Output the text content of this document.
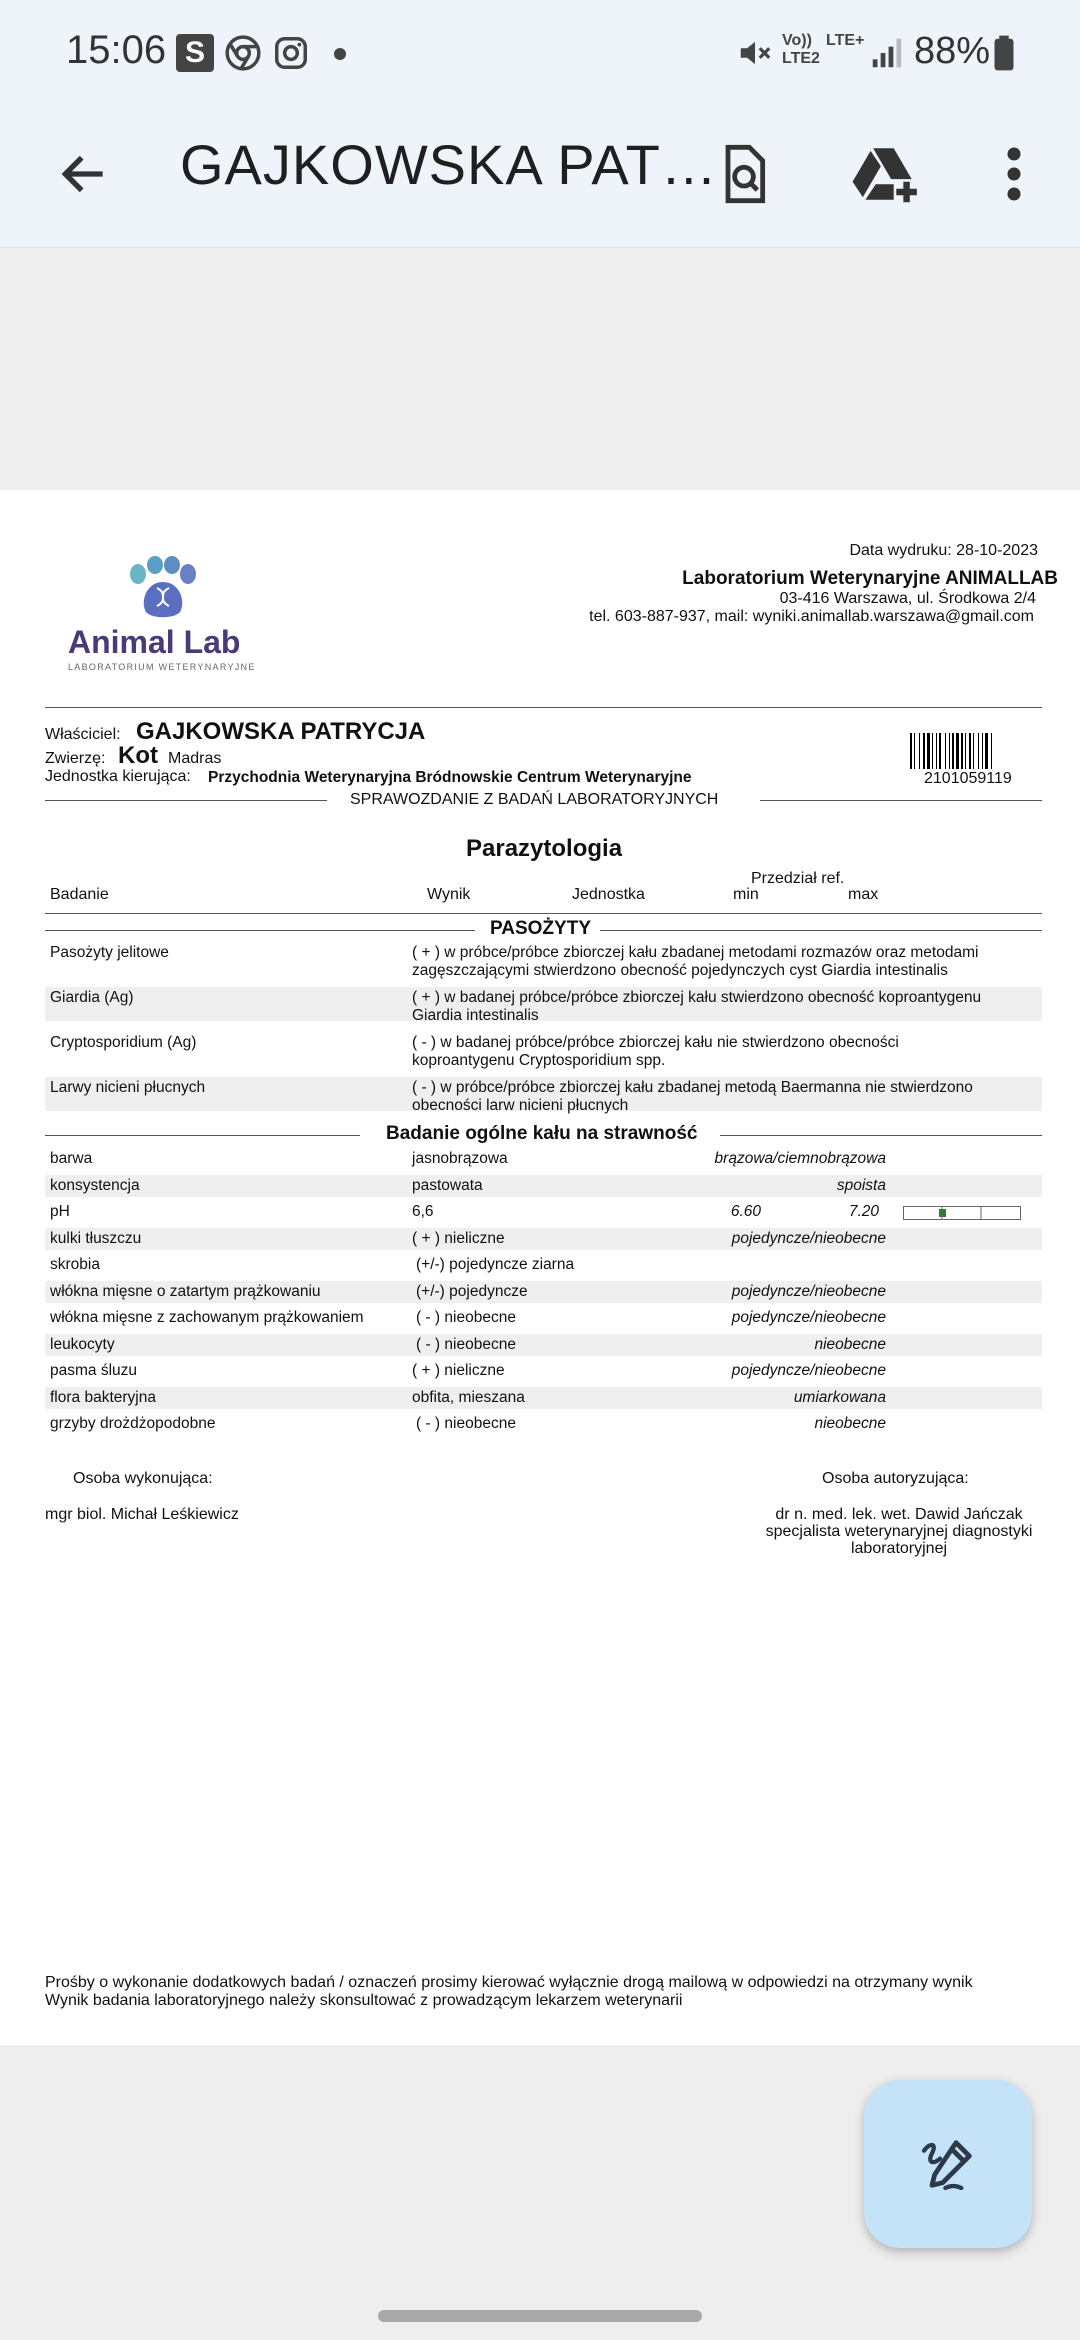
15:06 S	Vo))
LTE2
LTE+ 88%
GAJKOWSKA PAT…
Animal Lab
LABORATORIUM WETERYNARYJNE
Data wydruku: 28-10-2023
Laboratorium Weterynaryjne ANIMALLAB
03-416 Warszawa, ul. Środkowa 2/4
tel. 603-887-937, mail: wyniki.animallab.warszawa@gmail.com
Właściciel: GAJKOWSKA PATRYCJA
Zwierzę: Kot Madras
Jednostka kierująca: Przychodnia Weterynaryjna Bródnowskie Centrum Weterynaryjne	2101059119
SPRAWOZDANIE Z BADAŃ LABORATORYJNYCH
Parazytologia
Przedział ref.
Badanie	Wynik	Jednostka	min	max
PASOŻYTY
Pasożyty jelitowe	( + ) w próbce/próbce zbiorczej kału zbadanej metodami rozmazów oraz metodami
zagęszczającymi stwierdzono obecność pojedynczych cyst Giardia intestinalis
Giardia (Ag)	( + ) w badanej próbce/próbce zbiorczej kału stwierdzono obecność koproantygenu
Giardia intestinalis
Cryptosporidium (Ag)	( - ) w badanej próbce/próbce zbiorczej kału nie stwierdzono obecności
koproantygenu Cryptosporidium spp.
Larwy nicieni płucnych	( - ) w próbce/próbce zbiorczej kału zbadanej metodą Baermanna nie stwierdzono
obecności larw nicieni płucnych
Badanie ogólne kału na strawność
barwa	jasnobrązowa	brązowa/ciemnobrązowa
konsystencja	pastowata	spoista
pH	6,6	6.60	7.20
kulki tłuszczu	( + ) nieliczne	pojedyncze/nieobecne
skrobia	(+/-) pojedyncze ziarna
włókna mięsne o zatartym prążkowaniu	(+/-) pojedyncze	pojedyncze/nieobecne
włókna mięsne z zachowanym prążkowaniem	( - ) nieobecne	pojedyncze/nieobecne
leukocyty	( - ) nieobecne	nieobecne
pasma śluzu	( + ) nieliczne	pojedyncze/nieobecne
flora bakteryjna	obfita, mieszana	umiarkowana
grzyby drożdżopodobne	( - ) nieobecne	nieobecne
Osoba wykonująca:
mgr biol. Michał Leśkiewicz
Osoba autoryzująca:
dr n. med. lek. wet. Dawid Jańczak
specjalista weterynaryjnej diagnostyki
laboratoryjnej
Prośby o wykonanie dodatkowych badań / oznaczeń prosimy kierować wyłącznie drogą mailową w odpowiedzi na otrzymany wynik
Wynik badania laboratoryjnego należy skonsultować z prowadzącym lekarzem weterynarii
